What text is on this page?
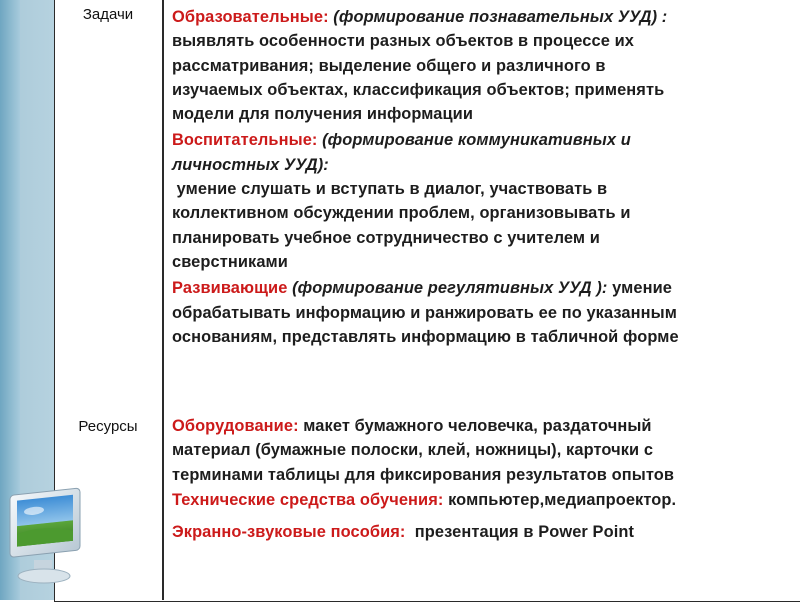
Задачи
Ресурсы
Образовательные: (формирование познавательных УУД) :
выявлять особенности разных объектов в процессе их
рассматривания; выделение общего и различного в
изучаемых объектах, классификация объектов; применять
модели для получения информации
Воспитательные: (формирование коммуникативных и
личностных УУД):
умение слушать и вступать в диалог, участвовать в
коллективном обсуждении проблем, организовывать и
планировать учебное сотрудничество с учителем и
сверстниками
Развивающие (формирование регулятивных УУД ): умение
обрабатывать информацию и ранжировать ее по указанным
основаниям, представлять информацию в табличной форме
Оборудование: макет бумажного человечка, раздаточный
материал (бумажные полоски, клей, ножницы), карточки с
терминами таблицы для фиксирования результатов опытов
Технические средства обучения: компьютер,медиапроектор.
Экранно-звуковые пособия:  презентация в Power Point
